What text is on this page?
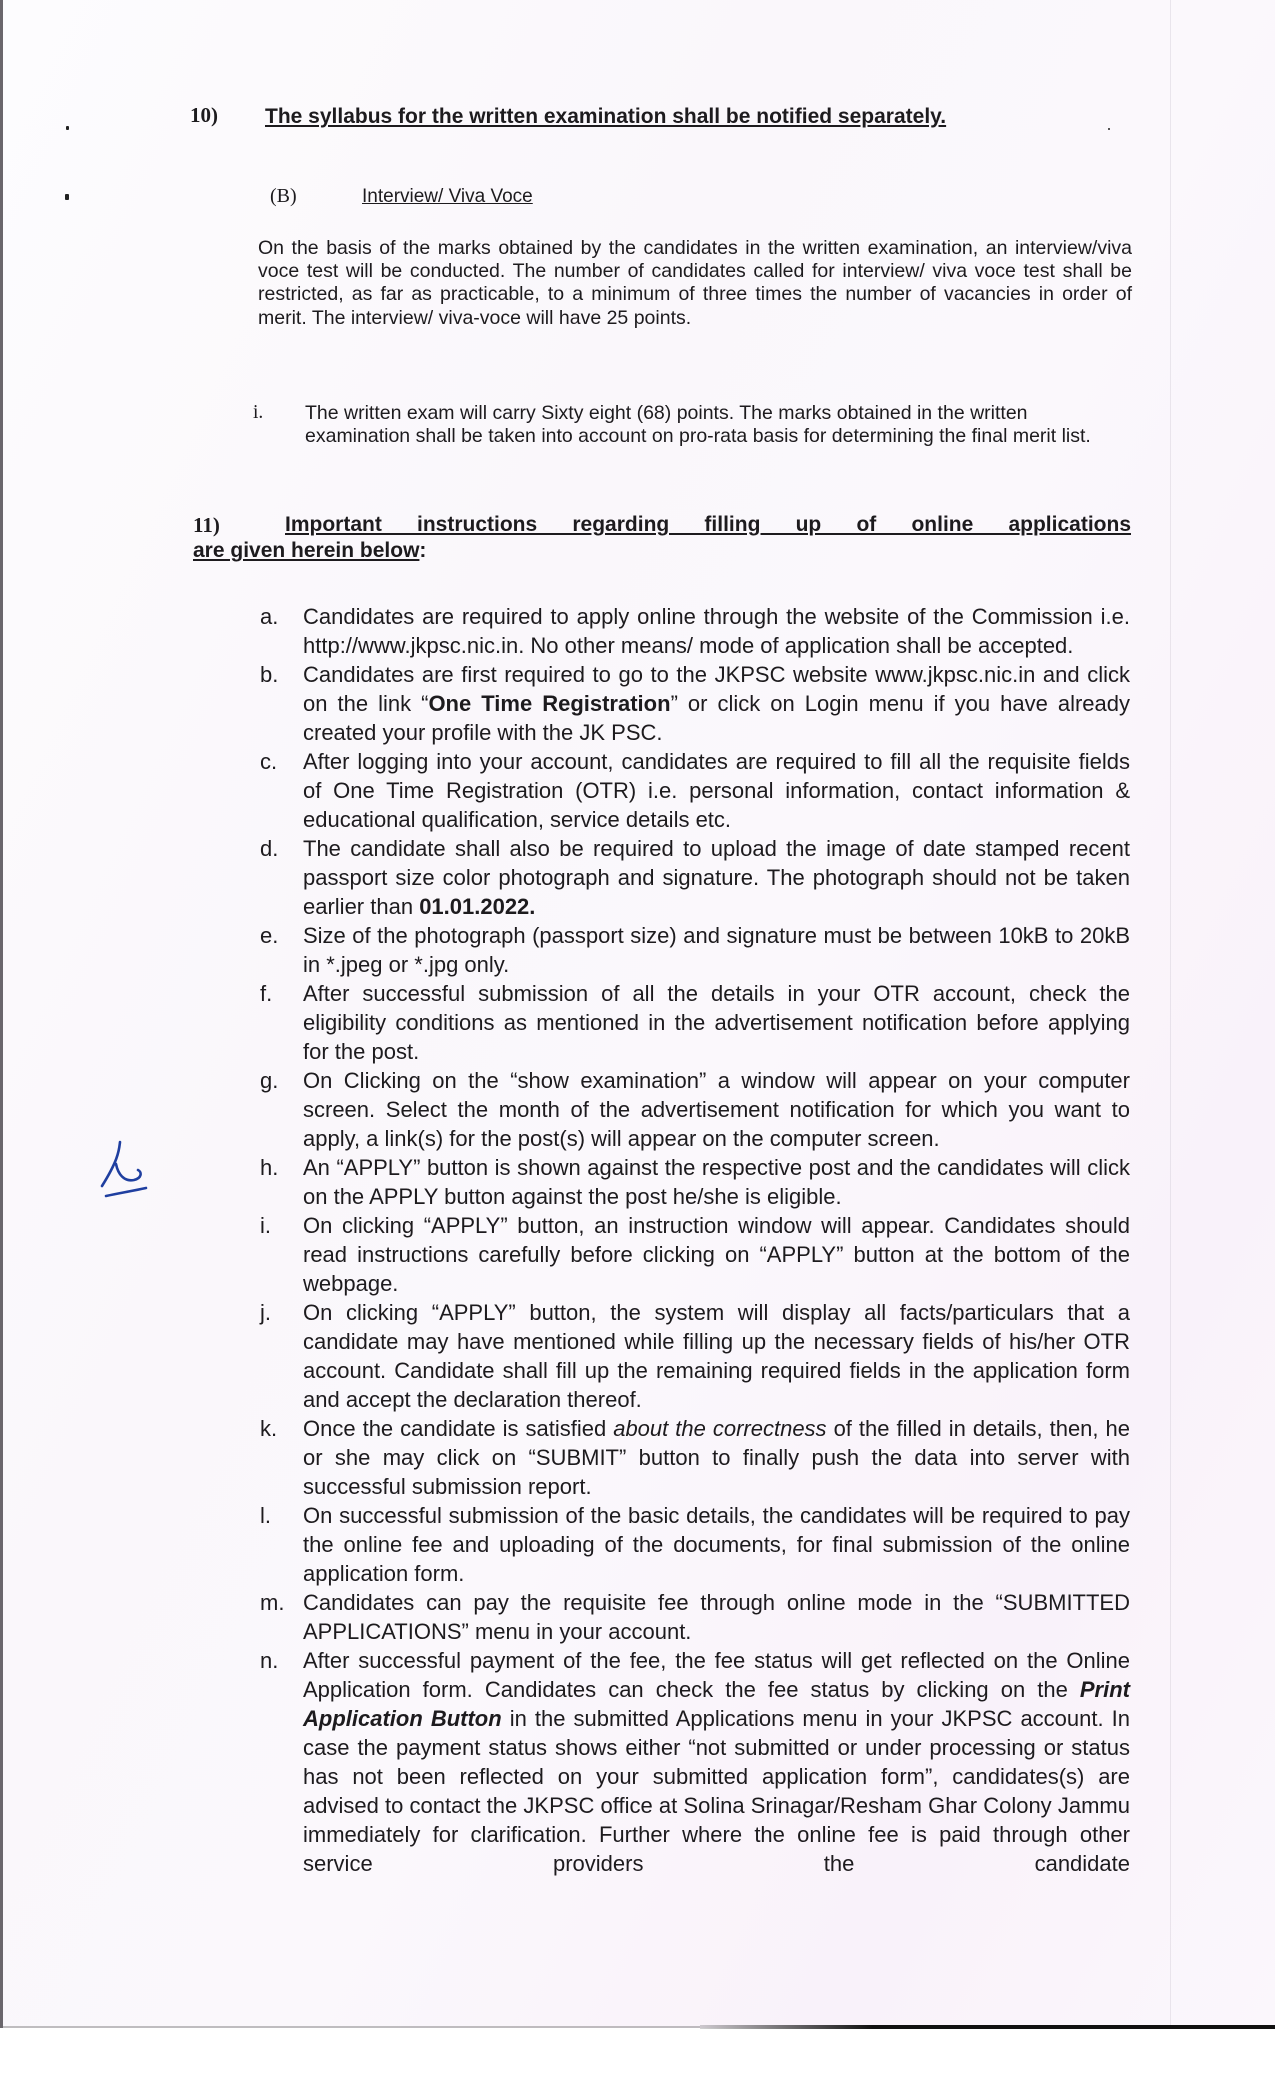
10) The syllabus for the written examination shall be notified separately.
(B)	Interview/ Viva Voce
On the basis of the marks obtained by the candidates in the written examination, an interview/viva voce test will be conducted. The number of candidates called for interview/ viva voce test shall be restricted, as far as practicable, to a minimum of three times the number of vacancies in order of merit. The interview/ viva-voce will have 25 points.
i. The written exam will carry Sixty eight (68) points. The marks obtained in the written examination shall be taken into account on pro-rata basis for determining the final merit list.
11)	Important instructions regarding filling up of online applications
are given herein below:
a. Candidates are required to apply online through the website of the Commission i.e. http://www.jkpsc.nic.in. No other means/ mode of application shall be accepted.
b. Candidates are first required to go to the JKPSC website www.jkpsc.nic.in and click on the link “One Time Registration” or click on Login menu if you have already created your profile with the JK PSC.
c. After logging into your account, candidates are required to fill all the requisite fields of One Time Registration (OTR) i.e. personal information, contact information & educational qualification, service details etc.
d. The candidate shall also be required to upload the image of date stamped recent passport size color photograph and signature. The photograph should not be taken earlier than 01.01.2022.
e. Size of the photograph (passport size) and signature must be between 10kB to 20kB in *.jpeg or *.jpg only.
f. After successful submission of all the details in your OTR account, check the eligibility conditions as mentioned in the advertisement notification before applying for the post.
g. On Clicking on the “show examination” a window will appear on your computer screen. Select the month of the advertisement notification for which you want to apply, a link(s) for the post(s) will appear on the computer screen.
h. An “APPLY” button is shown against the respective post and the candidates will click on the APPLY button against the post he/she is eligible.
i. On clicking “APPLY” button, an instruction window will appear. Candidates should read instructions carefully before clicking on “APPLY” button at the bottom of the webpage.
j. On clicking “APPLY” button, the system will display all facts/particulars that a candidate may have mentioned while filling up the necessary fields of his/her OTR account. Candidate shall fill up the remaining required fields in the application form and accept the declaration thereof.
k. Once the candidate is satisfied about the correctness of the filled in details, then, he or she may click on “SUBMIT” button to finally push the data into server with successful submission report.
l. On successful submission of the basic details, the candidates will be required to pay the online fee and uploading of the documents, for final submission of the online application form.
m. Candidates can pay the requisite fee through online mode in the “SUBMITTED APPLICATIONS” menu in your account.
n. After successful payment of the fee, the fee status will get reflected on the Online Application form. Candidates can check the fee status by clicking on the Print Application Button in the submitted Applications menu in your JKPSC account. In case the payment status shows either “not submitted or under processing or status has not been reflected on your submitted application form”, candidates(s) are advised to contact the JKPSC office at Solina Srinagar/Resham Ghar Colony Jammu immediately for clarification. Further where the online fee is paid through other service providers the candidate
